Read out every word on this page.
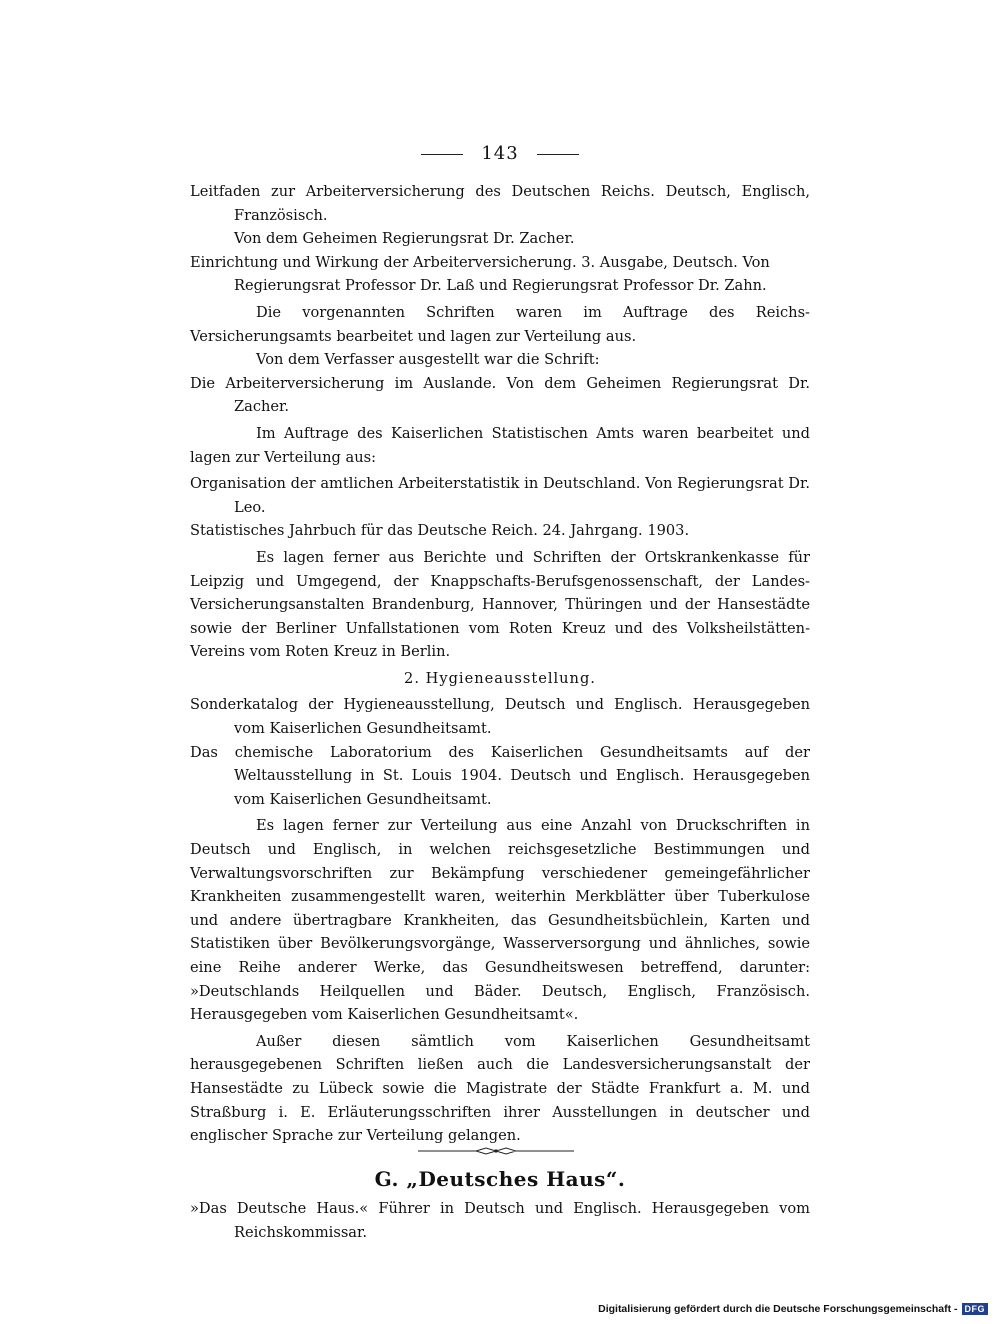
143

Leitfaden zur Arbeiterversicherung des Deutschen Reichs. Deutsch, Englisch, Französisch.
Von dem Geheimen Regierungsrat Dr. Zacher.

Einrichtung und Wirkung der Arbeiterversicherung. 3. Ausgabe, Deutsch. Von
Regierungsrat Professor Dr. Laß und Regierungsrat Professor Dr. Zahn.

Die vorgenannten Schriften waren im Auftrage des Reichs-Versicherungsamts bearbeitet und lagen zur Verteilung aus.

Von dem Verfasser ausgestellt war die Schrift:

Die Arbeiterversicherung im Auslande. Von dem Geheimen Regierungsrat Dr. Zacher.

Im Auftrage des Kaiserlichen Statistischen Amts waren bearbeitet und lagen zur Verteilung aus:

Organisation der amtlichen Arbeiterstatistik in Deutschland. Von Regierungsrat Dr. Leo.

Statistisches Jahrbuch für das Deutsche Reich. 24. Jahrgang. 1903.

Es lagen ferner aus Berichte und Schriften der Ortskrankenkasse für Leipzig und Umgegend, der Knappschafts-Berufsgenossenschaft, der Landes-Versicherungsanstalten Brandenburg, Hannover, Thüringen und der Hansestädte sowie der Berliner Unfallstationen vom Roten Kreuz und des Volksheilstätten-Vereins vom Roten Kreuz in Berlin.

2. Hygieneausstellung.

Sonderkatalog der Hygieneausstellung, Deutsch und Englisch. Herausgegeben vom Kaiserlichen Gesundheitsamt.

Das chemische Laboratorium des Kaiserlichen Gesundheitsamts auf der Weltausstellung in St. Louis 1904. Deutsch und Englisch. Herausgegeben vom Kaiserlichen Gesundheitsamt.

Es lagen ferner zur Verteilung aus eine Anzahl von Druckschriften in Deutsch und Englisch, in welchen reichsgesetzliche Bestimmungen und Verwaltungsvorschriften zur Bekämpfung verschiedener gemeingefährlicher Krankheiten zusammengestellt waren, weiterhin Merkblätter über Tuberkulose und andere übertragbare Krankheiten, das Gesundheitsbüchlein, Karten und Statistiken über Bevölkerungsvorgänge, Wasserversorgung und ähnliches, sowie eine Reihe anderer Werke, das Gesundheitswesen betreffend, darunter: »Deutschlands Heilquellen und Bäder. Deutsch, Englisch, Französisch. Herausgegeben vom Kaiserlichen Gesundheitsamt«.

Außer diesen sämtlich vom Kaiserlichen Gesundheitsamt herausgegebenen Schriften ließen auch die Landesversicherungsanstalt der Hansestädte zu Lübeck sowie die Magistrate der Städte Frankfurt a. M. und Straßburg i. E. Erläuterungsschriften ihrer Ausstellungen in deutscher und englischer Sprache zur Verteilung gelangen.

G. „Deutsches Haus“.

»Das Deutsche Haus.« Führer in Deutsch und Englisch. Herausgegeben vom Reichskommissar.

Digitalisierung gefördert durch die Deutsche Forschungsgemeinschaft - DFG
